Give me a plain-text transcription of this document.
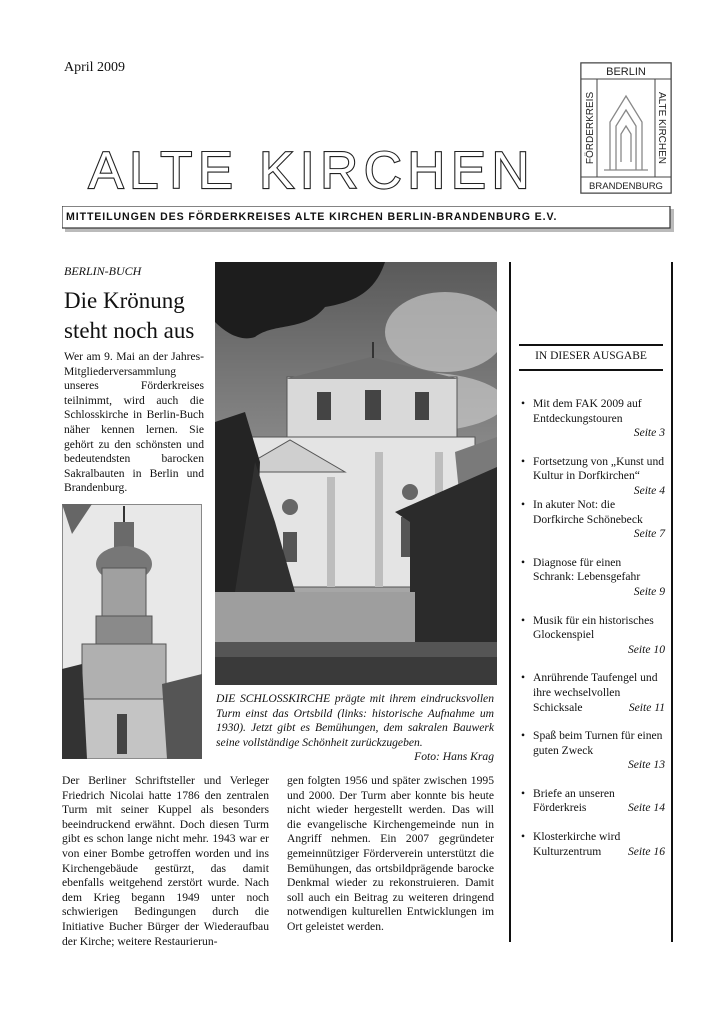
April 2009
ALTE KIRCHEN
BERLIN
BRANDENBURG
FÖRDERKREIS	ALTE KIRCHEN
MITTEILUNGEN DES FÖRDERKREISES ALTE KIRCHEN BERLIN-BRANDENBURG E.V.
BERLIN-BUCH
Die Krönung steht noch aus
Wer am 9. Mai an der Jahres-Mitgliederversammlung unseres Förderkreises teilnimmt, wird auch die Schlosskirche in Berlin-Buch näher kennen lernen. Sie gehört zu den schönsten und bedeutendsten barocken Sakralbauten in Berlin und Brandenburg.
DIE SCHLOSSKIRCHE prägte mit ihrem eindrucksvollen Turm einst das Ortsbild (links: historische Aufnahme um 1930). Jetzt gibt es Bemühungen, dem sakralen Bauwerk seine vollständige Schönheit zurückzugeben.
Foto: Hans Krag
Der Berliner Schriftsteller und Verleger Friedrich Nicolai hatte 1786 den zentralen Turm mit seiner Kuppel als besonders beeindruckend erwähnt. Doch diesen Turm gibt es schon lange nicht mehr. 1943 war er von einer Bombe getroffen worden und ins Kirchengebäude gestürzt, das damit ebenfalls weitgehend zerstört wurde. Nach dem Krieg begann 1949 unter noch schwierigen Bedingungen durch die Initiative Bucher Bürger der Wiederaufbau der Kirche; weitere Restaurierun-
gen folgten 1956 und später zwischen 1995 und 2000. Der Turm aber konnte bis heute nicht wieder hergestellt werden. Das will die evangelische Kirchengemeinde nun in Angriff nehmen. Ein 2007 gegründeter gemeinnütziger Förderverein unterstützt die Bemühungen, das ortsbildprägende barocke Denkmal wieder zu rekonstruieren. Damit soll auch ein Beitrag zu weiteren dringend notwendigen kulturellen Entwicklungen im Ort geleistet werden.
IN DIESER AUSGABE
• Mit dem FAK 2009 auf Entdeckungstouren
Seite 3
• Fortsetzung von „Kunst und Kultur in Dorfkirchen“
Seite 4
• In akuter Not: die Dorfkirche Schönebeck
Seite 7
• Diagnose für einen Schrank: Lebensgefahr
Seite 9
• Musik für ein historisches Glockenspiel
Seite 10
• Anrührende Taufengel und ihre wechselvollen Schicksale	Seite 11
• Spaß beim Turnen für einen guten Zweck
Seite 13
• Briefe an unseren Förderkreis	Seite 14
• Klosterkirche wird Kulturzentrum Seite 16
